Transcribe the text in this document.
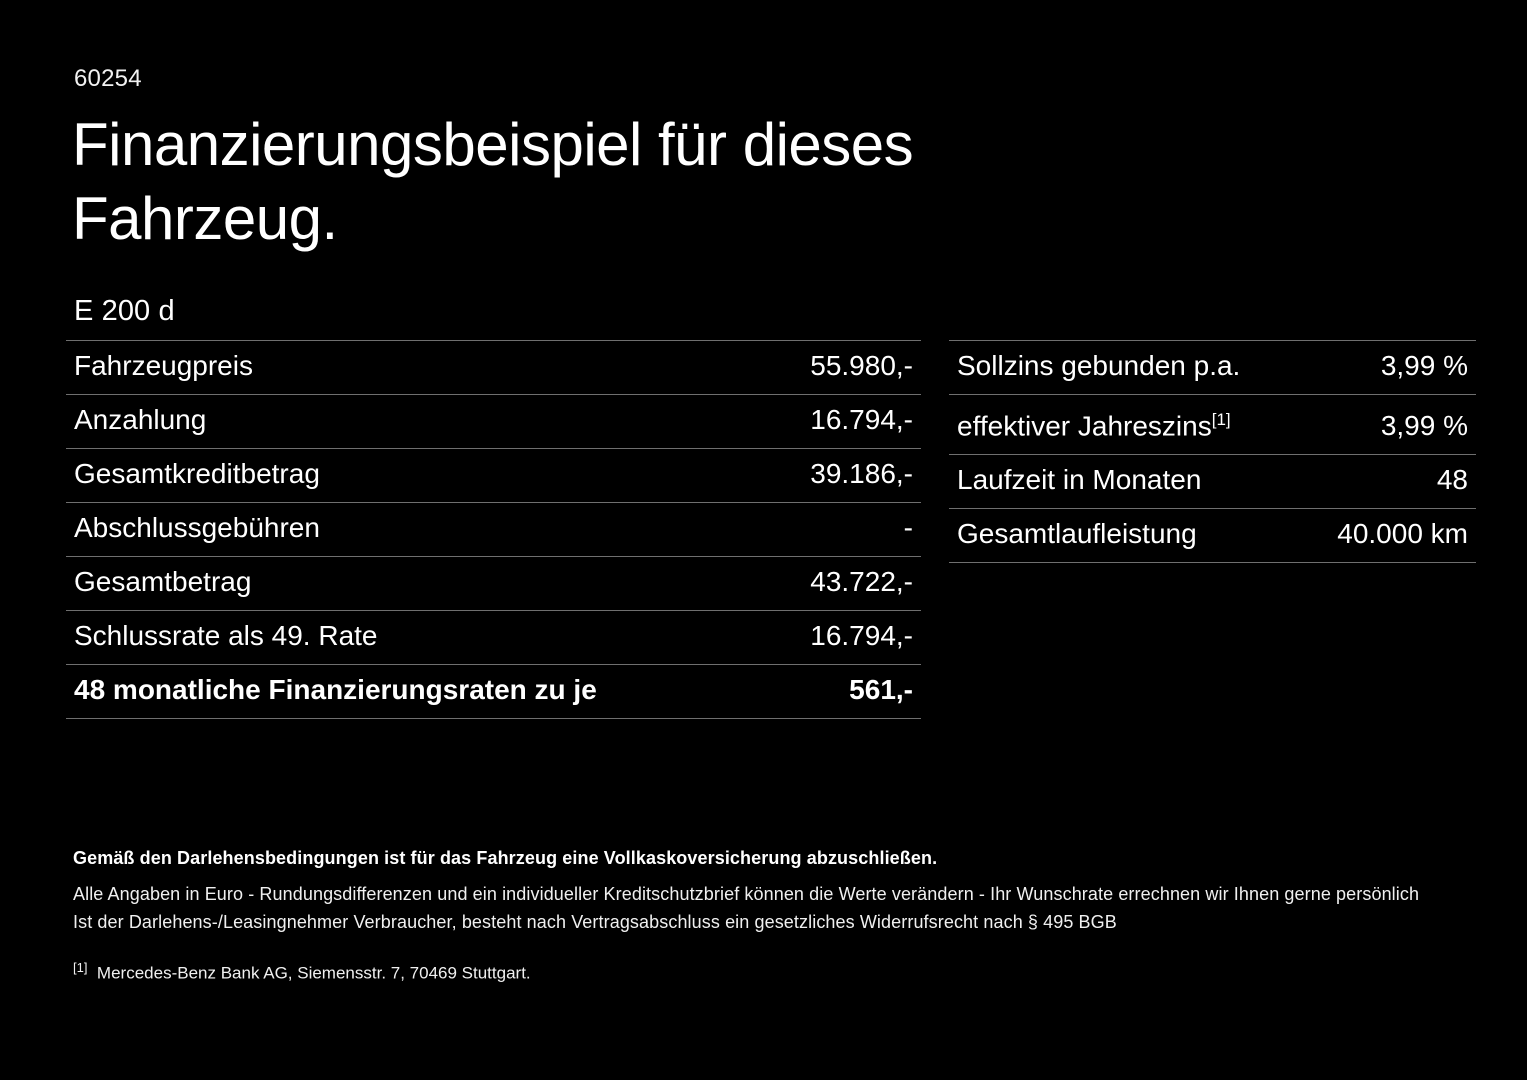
60254
Finanzierungsbeispiel für dieses Fahrzeug.
E 200 d
Fahrzeugpreis	55.980,-
Anzahlung	16.794,-
Gesamtkreditbetrag	39.186,-
Abschlussgebühren	-
Gesamtbetrag	43.722,-
Schlussrate als 49. Rate	16.794,-
48 monatliche Finanzierungsraten zu je	561,-
Sollzins gebunden p.a.	3,99 %
effektiver Jahreszins[1]	3,99 %
Laufzeit in Monaten	48
Gesamtlaufleistung	40.000 km
Gemäß den Darlehensbedingungen ist für das Fahrzeug eine Vollkaskoversicherung abzuschließen.
Alle Angaben in Euro - Rundungsdifferenzen und ein individueller Kreditschutzbrief können die Werte verändern - Ihr Wunschrate errechnen wir Ihnen gerne persönlich
Ist der Darlehens-/Leasingnehmer Verbraucher, besteht nach Vertragsabschluss ein gesetzliches Widerrufsrecht nach § 495 BGB
[1] Mercedes-Benz Bank AG, Siemensstr. 7, 70469 Stuttgart.
